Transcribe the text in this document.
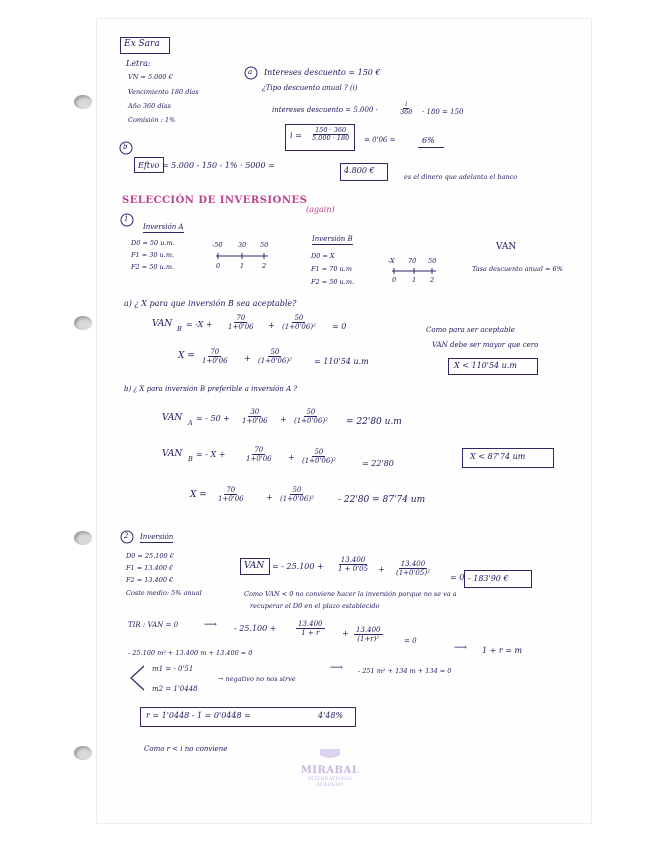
Ex Sara
Letra:
VN = 5.000 €
Vencimiento 180 días
Año 360 días
Comisión : 1%
a Intereses descuento = 150 €
¿Tipo descuento anual ? (i)
intereses descuento = 5.000 ·	$\frac{i}{360} \cdot 180 = 150$
$i = \frac{150 \cdot 360}{5.000 \cdot 180} = 0'06$ =	6%
b
Eftvo = 5.000 - 150 - 1% · 5000 =
4.800 €
es el dinero que adelanta el banco
SELECCIÓN DE INVERSIONES
(again)
1
Inversión A
D0 = 50 u.m.
F1 = 30 u.m.
F2 = 50 u.m.
-50 30 50
0	1	2
Inversión B
D0 = X
F1 = 70 u.m
F2 = 50 u.m.
-X 70 50
0 1 2
VAN
Tasa descuento anual = 6%
a) ¿ X para que inversión B sea aceptable?
VAN $B = -X + \frac{70}{1+0'06} + \frac{50}{\text{(1+0'06)²}} = 0$	Como para ser aceptable
VAN debe ser mayor que cero
$X = \frac{70}{1+0'06} + \frac{50}{\text{(1+0'06)²}}$	= 110'54 u.m	X < 110'54 u.m
b) ¿ X para inversión B preferible a inversión A ?
VAN A = - $50 + \frac{30}{1+0'06} + \frac{50}{\text{(1+0'06)²}} = 22'80$ u.m
VAN B = - X +	$\frac{70}{1+0'06} + \frac{50}{\text{(1+0'06)²}}$	= 22'80
X < 87'74 um
$X = \frac{70}{1+0'06}$	+ $\frac{50}{\text{(1+0'06)²}} - 22'80 = 87'74$ um
2 Inversión
D0 = 25.100 €
F1 = 13.400 €
F2 = 13.400 €
Coste medio: 5% anual
VAN = - $25.100 + \frac{13.400}{1 + 0'05} + \frac{13.400}{\text{(1+0'05)²}}$
= 0 - 183'90 €
Como VAN < 0 no conviene hacer la inversión porque no se va a
recuperar el D0 en el plazo establecido
TIR : VAN = 0	⟶ - 25.100 +	$\frac{13.400}{1 + r} + \frac{13.400}{\text{(1+r)²}}$	= 0
⟶ 1 + r = m
- 25.100 m² + 13.400 m + 13.400 = 0
⟶ - 251 m² + 134 m + 134 = 0
m1 = - 0'51
→ negativo no nos sirve
m2 = 1'0448
r = 1'0448 - 1 = 0'0448 =	4'48%
Como r < i no conviene
MIRABAL
INTERNATIONAL
ACADEMY
